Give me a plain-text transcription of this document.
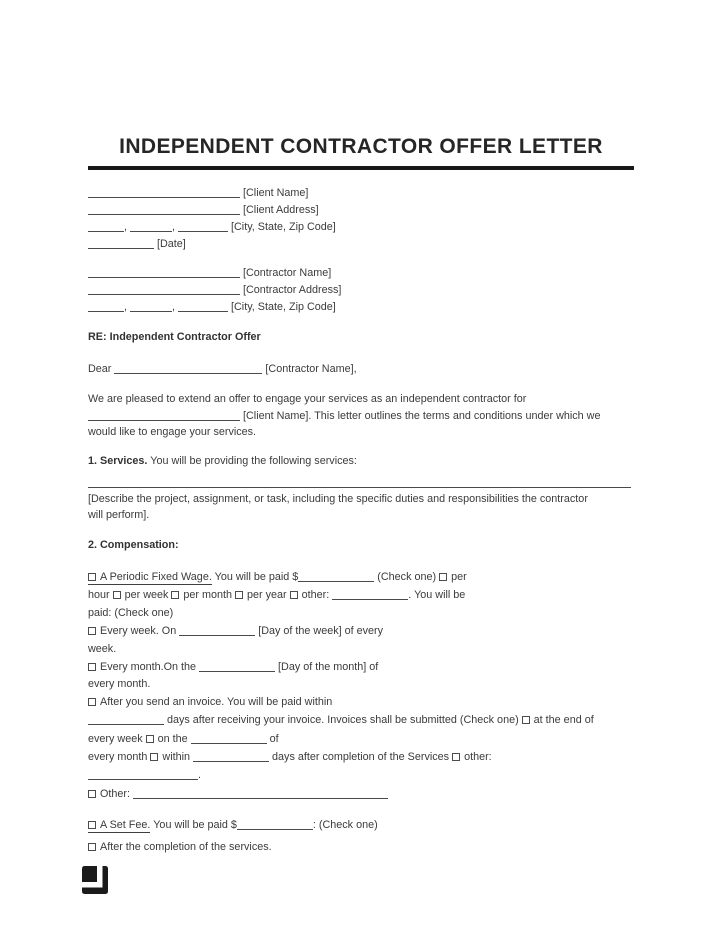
INDEPENDENT CONTRACTOR OFFER LETTER
[Client Name]
[Client Address]
,	,	[City, State, Zip Code]
[Date]
[Contractor Name]
[Contractor Address]
,	,	[City, State, Zip Code]
RE: Independent Contractor Offer
Dear	[Contractor Name],
We are pleased to extend an offer to engage your services as an independent contractor for
[Client Name]. This letter outlines the terms and conditions under which we
would like to engage your services.
1. Services. You will be providing the following services:
[Describe the project, assignment, or task, including the specific duties and responsibilities the contractor
will perform].
2. Compensation:
A Periodic Fixed Wage. You will be paid $	(Check one) per
hour per week per month per year other:	. You will be
paid: (Check one)
Every week. On	[Day of the week] of every
week.
Every month.On the	[Day of the month] of
every month.
After you send an invoice. You will be paid within
days after receiving your invoice. Invoices shall be submitted (Check one) at the end of
every week on the	of
every month within	days after completion of the Services other:
.
Other:
A Set Fee. You will be paid $	: (Check one)
After the completion of the services.
